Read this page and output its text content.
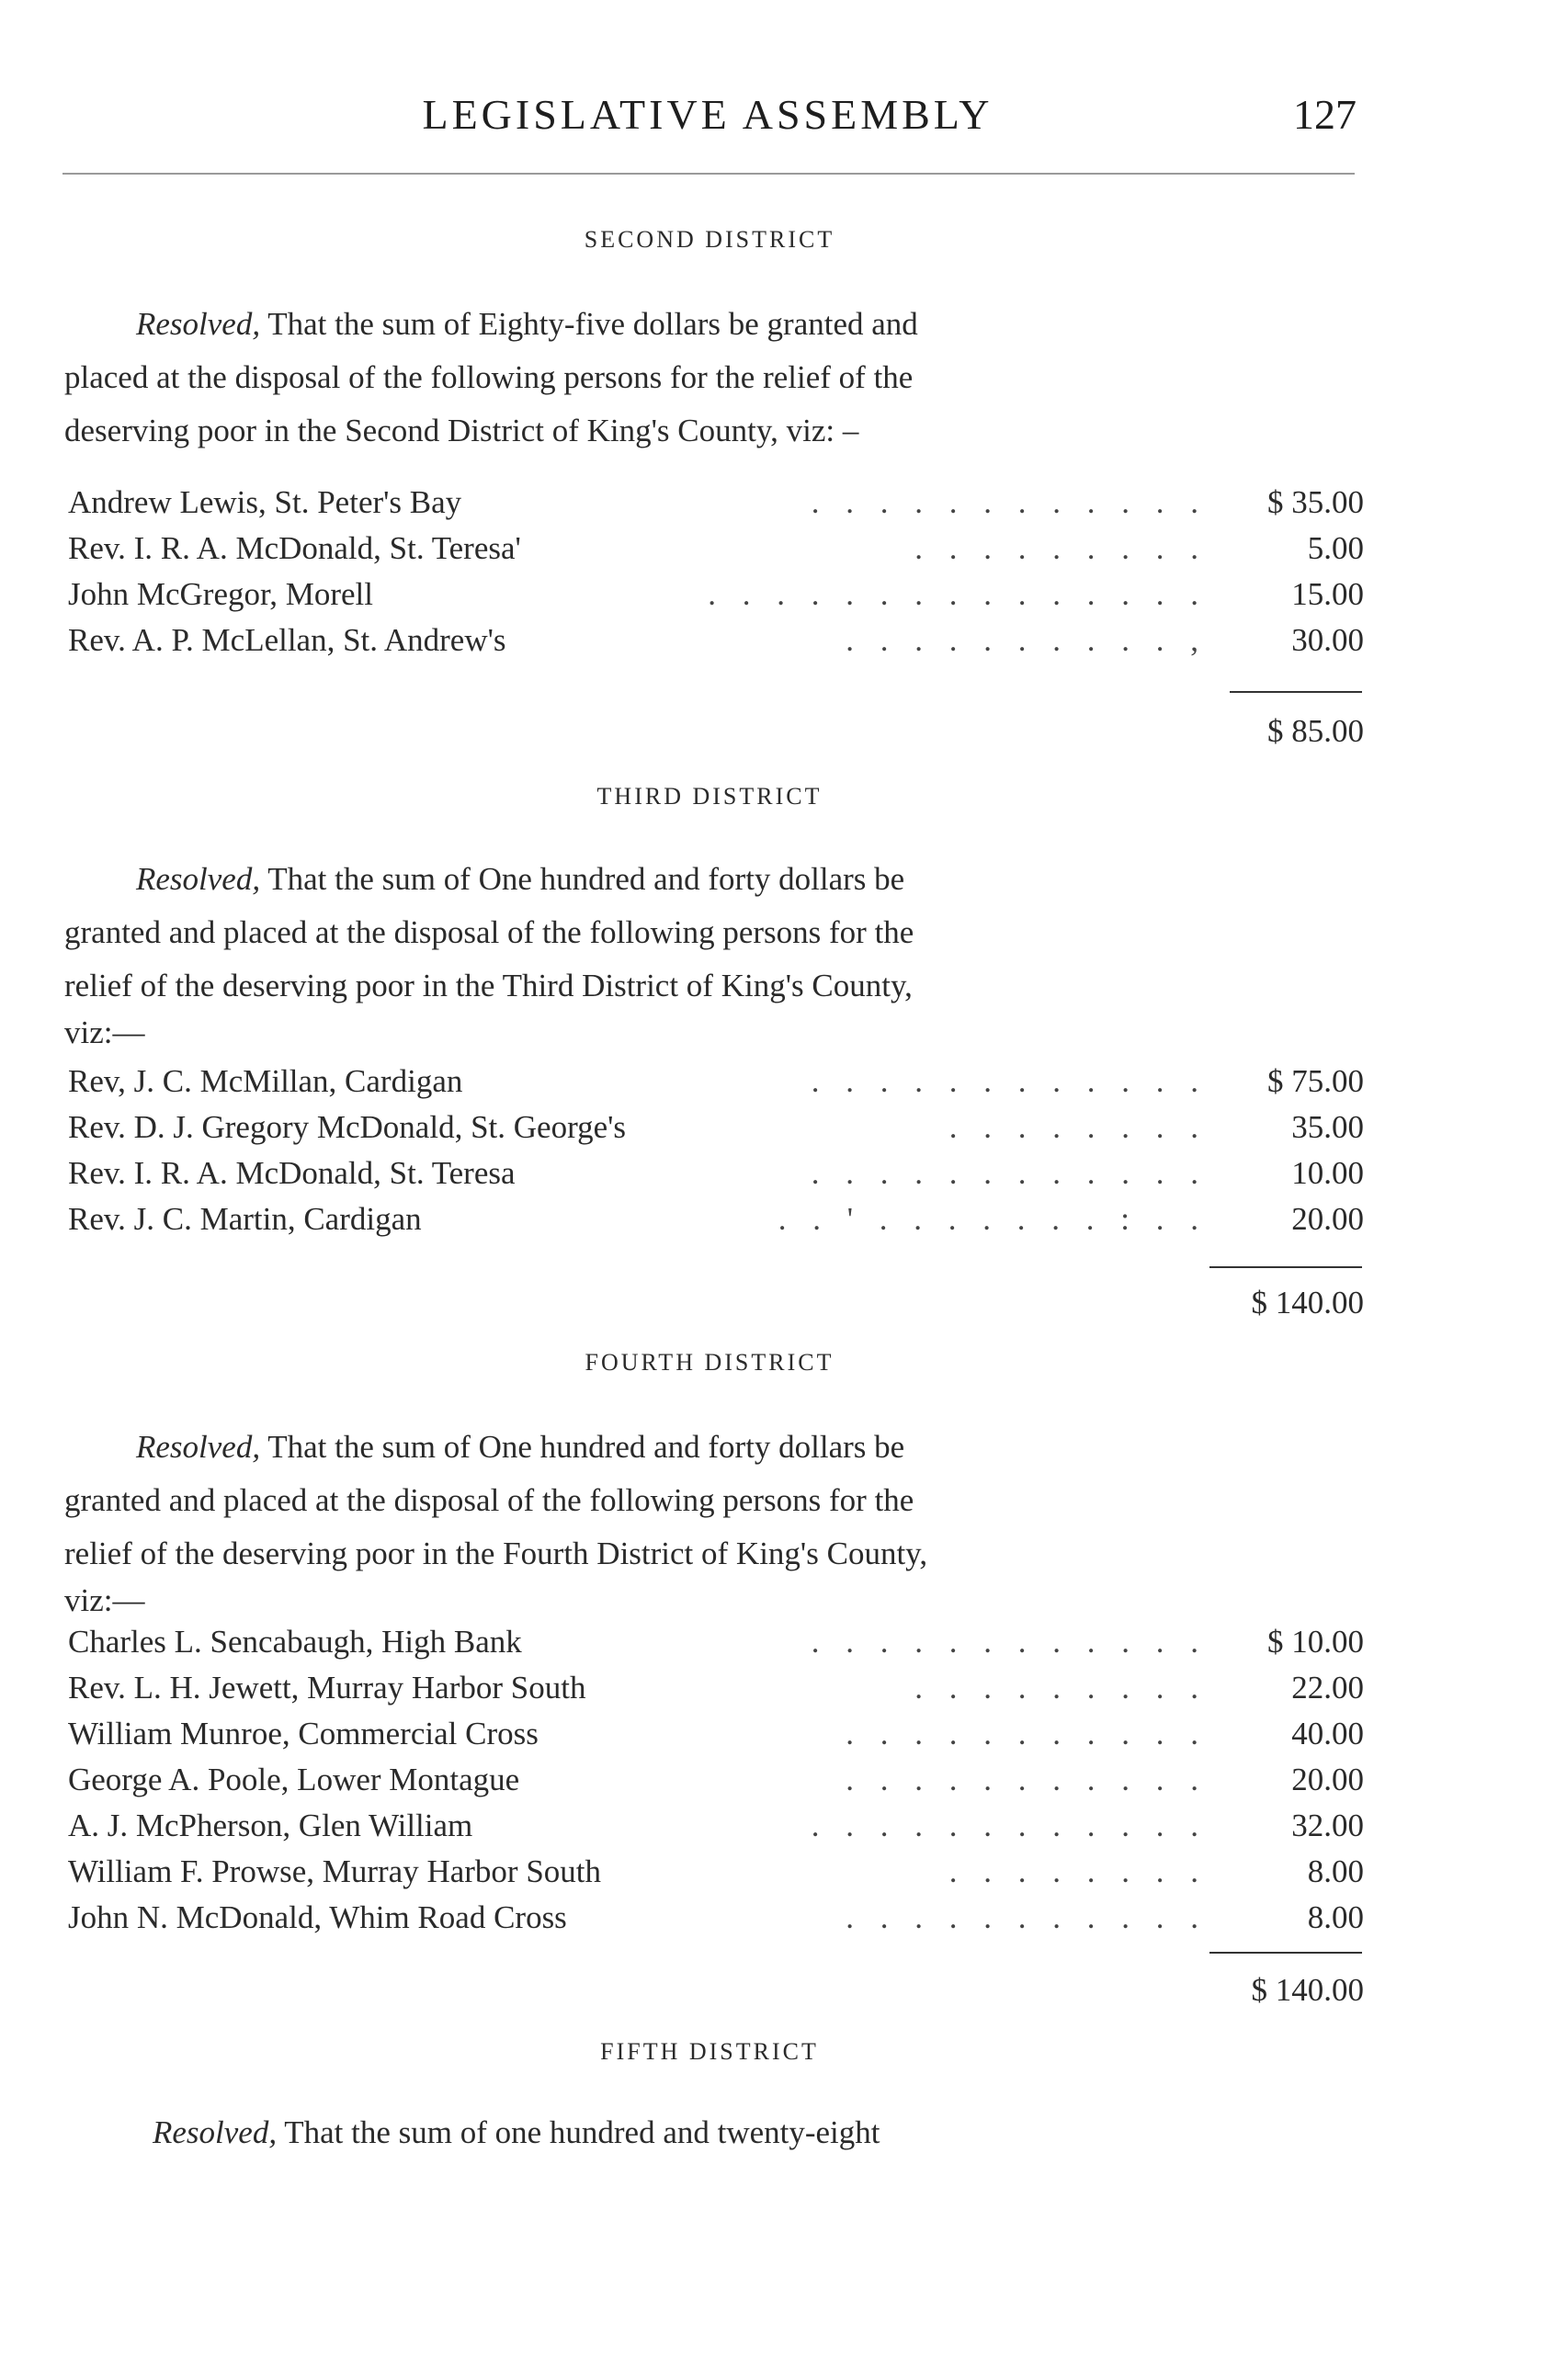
LEGISLATIVE ASSEMBLY	127
SECOND DISTRICT
Resolved, That the sum of Eighty-five dollars be granted and
placed at the disposal of the following persons for the relief of the
deserving poor in the Second District of King's County, viz: –
Andrew Lewis, St. Peter's Bay	. . . . . . . . . . . .	$ 35.00
Rev. I. R. A. McDonald, St. Teresa'	. . . . . . . . .	5.00
John McGregor, Morell	. . . . . . . . . . . . . . .	15.00
Rev. A. P. McLellan, St. Andrew's	. . . . . . . . . . ,	30.00
$ 85.00
THIRD DISTRICT
Resolved, That the sum of One hundred and forty dollars be
granted and placed at the disposal of the following persons for the
relief of the deserving poor in the Third District of King's County,
viz:—
Rev, J. C. McMillan, Cardigan	. . . . . . . . . . . .	$ 75.00
Rev. D. J. Gregory McDonald, St. George's	. . . . . . . .	35.00
Rev. I. R. A. McDonald, St. Teresa	. . . . . . . . . . . .	10.00
Rev. J. C. Martin, Cardigan	. . ' . . . . . . . : . .	20.00
$ 140.00
FOURTH DISTRICT
Resolved, That the sum of One hundred and forty dollars be
granted and placed at the disposal of the following persons for the
relief of the deserving poor in the Fourth District of King's County,
viz:—
Charles L. Sencabaugh, High Bank	. . . . . . . . . . . .	$ 10.00
Rev. L. H. Jewett, Murray Harbor South	. . . . . . . . .	22.00
William Munroe, Commercial Cross	. . . . . . . . . . .	40.00
George A. Poole, Lower Montague	. . . . . . . . . . .	20.00
A. J. McPherson, Glen William	. . . . . . . . . . . .	32.00
William F. Prowse, Murray Harbor South	. . . . . . . .	8.00
John N. McDonald, Whim Road Cross	. . . . . . . . . . .	8.00
$ 140.00
FIFTH DISTRICT
Resolved, That the sum of one hundred and twenty-eight
